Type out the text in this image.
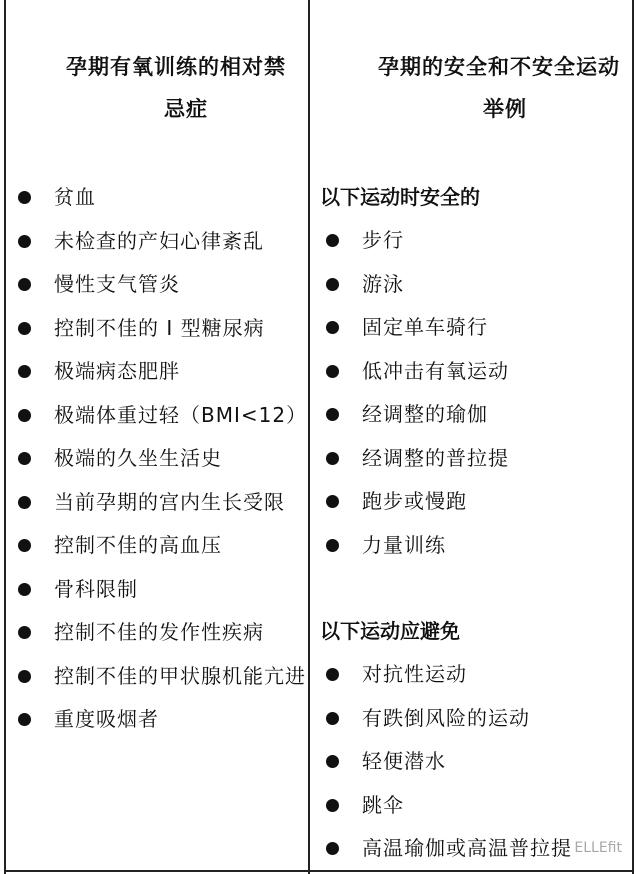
孕期有氧训练的相对禁
忌症
贫血
未检查的产妇心律紊乱
慢性支气管炎
控制不佳的 I 型糖尿病
极端病态肥胖
极端体重过轻（BMI<12）
极端的久坐生活史
当前孕期的宫内生长受限
控制不佳的高血压
骨科限制
控制不佳的发作性疾病
控制不佳的甲状腺机能亢进
重度吸烟者
孕期的安全和不安全运动
举例
以下运动时安全的
步行
游泳
固定单车骑行
低冲击有氧运动
经调整的瑜伽
经调整的普拉提
跑步或慢跑
力量训练
以下运动应避免
对抗性运动
有跌倒风险的运动
轻便潜水
跳伞
高温瑜伽或高温普拉提 ELLEfit
